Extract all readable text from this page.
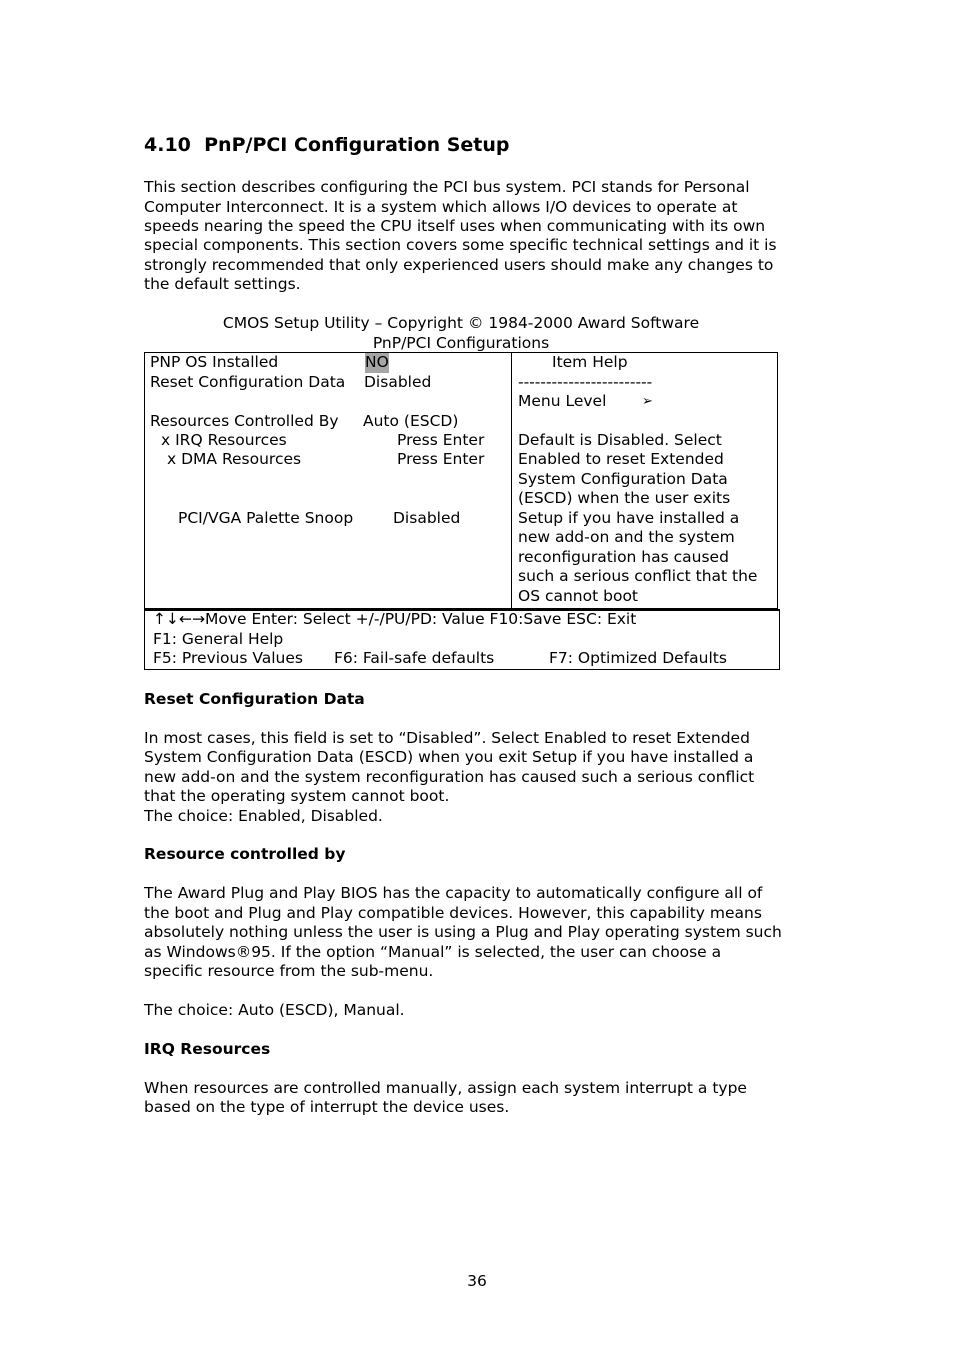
4.10 PnP/PCI Configuration Setup
This section describes configuring the PCI bus system. PCI stands for Personal
Computer Interconnect. It is a system which allows I/O devices to operate at
speeds nearing the speed the CPU itself uses when communicating with its own
special components. This section covers some specific technical settings and it is
strongly recommended that only experienced users should make any changes to
the default settings.
CMOS Setup Utility – Copyright © 1984-2000 Award Software
PnP/PCI Configurations
PNP OS Installed	NO
Reset Configuration Data Disabled
Resources Controlled By Auto (ESCD)
x IRQ Resources	Press Enter
x DMA Resources	Press Enter
PCI/VGA Palette Snoop	Disabled
Item Help
------------------------
Menu Level	➢
Default is Disabled. Select
Enabled to reset Extended
System Configuration Data
(ESCD) when the user exits
Setup if you have installed a
new add-on and the system
reconfiguration has caused
such a serious conflict that the
OS cannot boot
↑↓←→Move Enter: Select +/-/PU/PD: Value F10:Save ESC: Exit
F1: General Help
F5: Previous Values F6: Fail-safe defaults	F7: Optimized Defaults
Reset Configuration Data
In most cases, this field is set to “Disabled”. Select Enabled to reset Extended
System Configuration Data (ESCD) when you exit Setup if you have installed a
new add-on and the system reconfiguration has caused such a serious conflict
that the operating system cannot boot.
The choice: Enabled, Disabled.
Resource controlled by
The Award Plug and Play BIOS has the capacity to automatically configure all of
the boot and Plug and Play compatible devices. However, this capability means
absolutely nothing unless the user is using a Plug and Play operating system such
as Windows®95. If the option “Manual” is selected, the user can choose a
specific resource from the sub-menu.
The choice: Auto (ESCD), Manual.
IRQ Resources
When resources are controlled manually, assign each system interrupt a type
based on the type of interrupt the device uses.
36
